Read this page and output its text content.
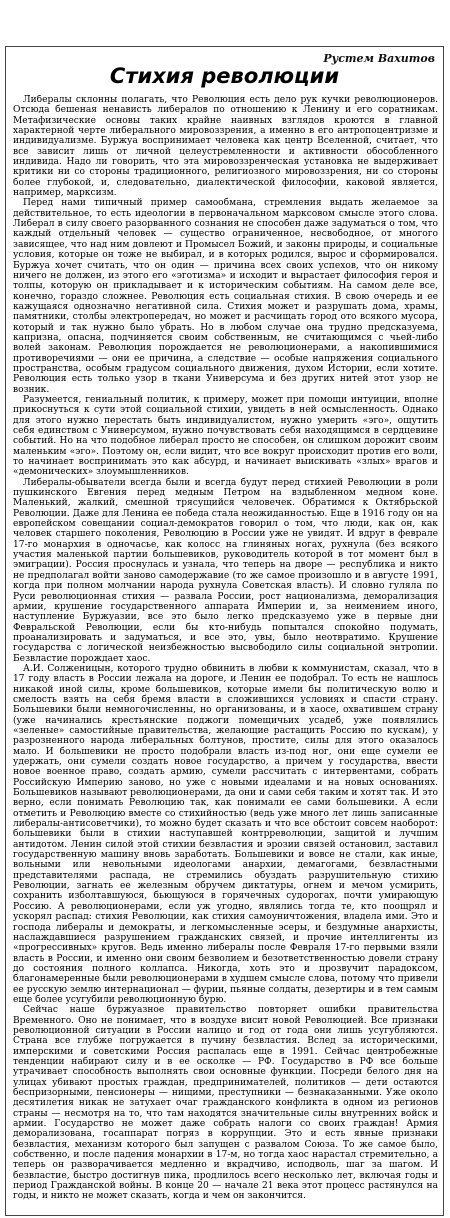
Рустем Вахитов
Стихия революции

Либералы склонны полагать, что Революция есть дело рук кучки революционеров. Отсюда бешеная ненависть либералов по отношению к Ленину и его соратникам. Метафизические основы таких крайне наивных взглядов кроются в главной характерной черте либерального мировоззрения, а именно в его антропоцентризме и индивидуализме. Буржуа воспринимает человека как центр Вселенной, считает, что все зависит лишь от личной целеустремленности и активности обособленного индивида. Надо ли говорить, что эта мировоззренческая установка не выдерживает критики ни со стороны традиционного, религиозного мировоззрения, ни со стороны более глубокой, и, следовательно, диалектической философии, каковой является, например, марксизм.

Перед нами типичный пример самообмана, стремления выдать желаемое за действительное, то есть идеологии в первоначальном марксовом смысле этого слова. Либерал в силу своего разорванного сознания не способен даже задуматься о том, что каждый отдельный человек — существо ограниченное, несвободное, от многого зависящее, что над ним довлеют и Промысел Божий, и законы природы, и социальные условия, которые он тоже не выбирал, и в которых родился, вырос и сформировался. Буржуа хочет считать, что он один — причина всех своих успехов, что он никому ничего не должен, из этого его «эготизма» и исходит и вырастает философия героя и толпы, которую он прикладывает и к историческим событиям. На самом деле все, конечно, гораздо сложнее. Революция есть социальная стихия. В свою очередь и ее кажущаяся однозначно негативной сила. Стихия может и разрушать дома, храмы, памятники, столбы электропередач, но может и расчищать город ото всякого мусора, который и так нужно было убрать. Но в любом случае она трудно предсказуема, капризна, опасна, подчиняется своим собственным, не считающимся с чьей-либо волей законам. Революция порождается не революционерами, а накопившимися противоречиями — они ее причина, а следствие — особые напряжения социального пространства, особым градусом социального движения, духом Истории, если хотите. Революция есть только узор в ткани Универсума и без других нитей этот узор не возник.

Разумеется, гениальный политик, к примеру, может при помощи интуиции, вполне прикоснуться к сути этой социальной стихии, увидеть в ней осмысленность. Однако для этого нужно перестать быть индивидуалистом, нужно умерить «эго», ощутить себя единством с Универсумом, нужно почувствовать себя находящимся в сердцевине событий. Но на что подобное либерал просто не способен, он слишком дорожит своим маленьким «эго». Поэтому он, если видит, что все вокруг происходит против его воли, то начинает воспринимать это как абсурд, и начинает выискивать «злых» врагов и «демонических» злоумышленников.

Либералы-обыватели всегда были и всегда будут перед стихией Революции в роли пушкинского Евгения перед медным Петром на вздыбленном медном коне. Маленький, жалкий, смешной трясущийся человечек. Обратимся к Октябрьской Революции. Даже для Ленина ее победа стала неожиданностью. Еще в 1916 году он на европейском совещании социал-демократов говорил о том, что люди, как он, как человек старшего поколения, Революцию в России уже не увидят. И вдруг в феврале 17-го монархия в одночасье, как колосс на глиняных ногах, рухнула (без всякого участия маленькой партии большевиков, руководитель которой в тот момент был в эмиграции). Россия проснулась и узнала, что теперь на дворе — республика и никто не предполагал войти заново самодержавие (то же самое произошло и в августе 1991, когда при полном молчании народа рухнула Советская власть). И словно гуляла по Руси революционная стихия — развала России, рост национализма, деморализация армии, крушение государственного аппарата Империи и, за неимением иного, наступление Буржуазии, все это было легко предсказуемо уже в первые дни Февральской Революции, если бы кто-нибудь попытался спокойно подумать, проанализировать и задуматься, и все это, увы, было неотвратимо. Крушение государства с логической неизбежностью высвободило силы социальной энтропии. Безвластие порождает хаос.

А.И. Солженицын, которого трудно обвинить в любви к коммунистам, сказал, что в 17 году власть в России лежала на дороге, и Ленин ее подобрал. То есть не нашлось никакой иной силы, кроме большевиков, которые имели бы политическую волю и смелость взять на себя бремя власти в сложившихся условиях и спасти страну. Большевики были немногочисленны, но организованы, и в хаосе, охватившем страну (уже начинались крестьянские поджоги помещичьих усадеб, уже появлялись «зеленые» самостийные правительства, желающие растащить Россию по кускам), у разрозненного народа либеральных болтунов, простите, силы для этого оказалось мало. И большевики не просто подобрали власть из-под ног, они еще сумели ее удержать, они сумели создать новое государство, а причем у государства, ввести новое военное право, создать армию, сумели рассчитать с интервентами, собрать Российскую Империю заново, но уже с новыми идеалами и на новых основаниях. Большевиков называют революционерами, да они и сами себя таким и хотят так. И это верно, если понимать Революцию так, как понимали ее сами большевики. А если отметить и Революцию вместе со стихийностью (ведь уже много лет лишь записанные либералы-антисоветчики), то можно будет сказать и что все обстоит совсем наоборот: большевики были в стихии наступавшей контрреволюции, защитой и лучшим антидотом. Ленин силой этой стихии безвластия и эрозии связей остановил, заставил государственную машину вновь заработать. Большевики и вовсе не стали, как иные, вольными или невольными идеологами анархии, демагогами, безвластными представителями распада, не стремились обуздать разрушительную стихию Революции, загнать ее железным обручем диктатуры, огнем и мечом усмирить, сохранить изболтавшуюся, бьющуюся в горячечных судорогах, почти умирающую Россию. А революционерами, если уж угодно, являлись тогда те, кто поощрял и ускорял распад: стихия Революции, как стихия самоуничтожения, владела ими. Это и господа либералы и демократы, и легкомысленные эсеры, и бездумные анархисты, наслаждавшиеся разрушением гражданских связей, и прочие интеллигенты из «прогрессивных» кругов. Ведь именно либералы после Февраля 17-го первыми взяли власть в России, и именно они своим безволием и безответственностью довели страну до состояния полного коллапса. Никогда, хоть это и прозвучит парадоксом, благонамеренные были революционерами в худшем смысле слова, потому что привели ее русскую землю интернационал — фурии, пьяные солдаты, дезертиры и в тем самым еще более усугубили революционную бурю.

Сейчас наше буржуазное правительство повторяет ошибки правительства Временного. Оно не понимает, что в воздухе висит новой Революцией. Все признаки революционной ситуации в России налицо и год от года они лишь усугубляются. Страна все глубже погружается в пучину безвластия. Вслед за историческими, имперскими и советскими Россия распалась еще в 1991. Сейчас центробежные тенденции набирают силу и в ее осколке — РФ. Государство в РФ все больше утрачивает способность выполнять свои основные функции. Посреди белого дня на улицах убивают простых граждан, предпринимателей, политиков — дети остаются беспризорными, пенсионеры — нищими, преступники — безнаказанными. Уже около десятилетия никак не затухает очаг гражданского конфликта в одном из регионов страны — несмотря на то, что там находятся значительные силы внутренних войск и армии. Государство не может даже собрать налоги со своих граждан! Армия деморализована, госаппарат погряз в коррупции. Это и есть явные признаки безвластия, механизм которого был запущен с развалом Союза. То же самое было, собственно, и после падения монархии в 17-м, но тогда хаос нарастал стремительно, а теперь он разворачивается медленно и вкрадчиво, исподволь, шаг за шагом. И безвластие, быстро достигнув пика, продлилось всего несколько лет, включая годы и период Гражданской войны. В конце 20 — начале 21 века этот процесс растянулся на годы, и никто не может сказать, когда и чем он закончится.
